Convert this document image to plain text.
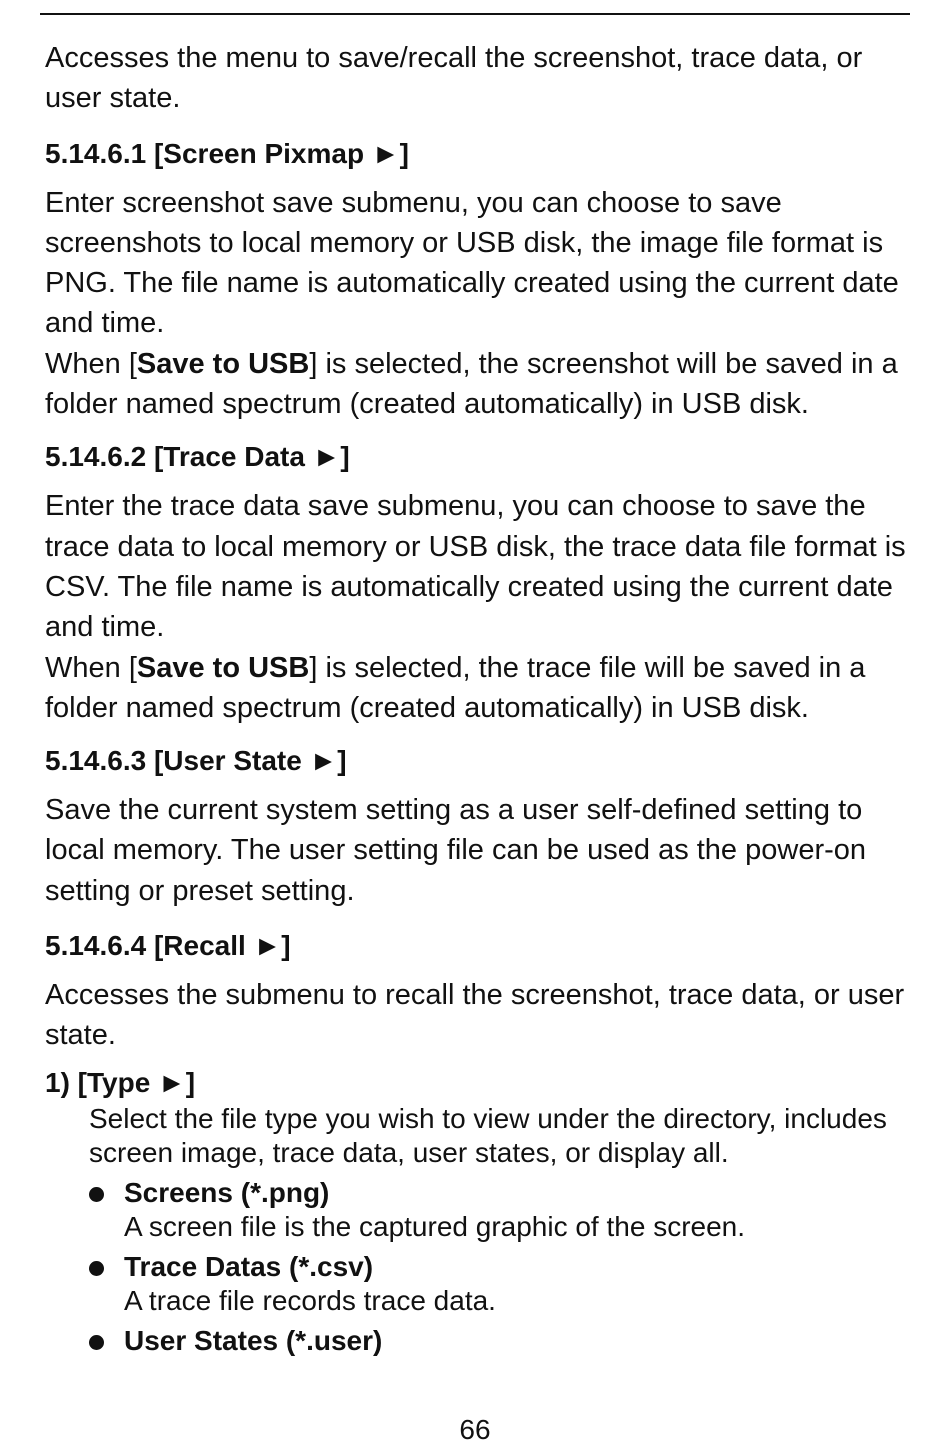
Accesses the menu to save/recall the screenshot, trace data, or user state.

5.14.6.1 [Screen Pixmap ►]

Enter screenshot save submenu, you can choose to save screenshots to local memory or USB disk, the image file format is PNG. The file name is automatically created using the current date and time.

When [Save to USB] is selected, the screenshot will be saved in a folder named spectrum (created automatically) in USB disk.

5.14.6.2 [Trace Data ►]

Enter the trace data save submenu, you can choose to save the trace data to local memory or USB disk, the trace data file format is CSV. The file name is automatically created using the current date and time.

When [Save to USB] is selected, the trace file will be saved in a folder named spectrum (created automatically) in USB disk.

5.14.6.3 [User State ►]

Save the current system setting as a user self-defined setting to local memory. The user setting file can be used as the power-on setting or preset setting.

5.14.6.4 [Recall ►]

Accesses the submenu to recall the screenshot, trace data, or user state.

1) [Type ►]
Select the file type you wish to view under the directory, includes screen image, trace data, user states, or display all.
Screens (*.png)
A screen file is the captured graphic of the screen.
Trace Datas (*.csv)
A trace file records trace data.
User States (*.user)
66
